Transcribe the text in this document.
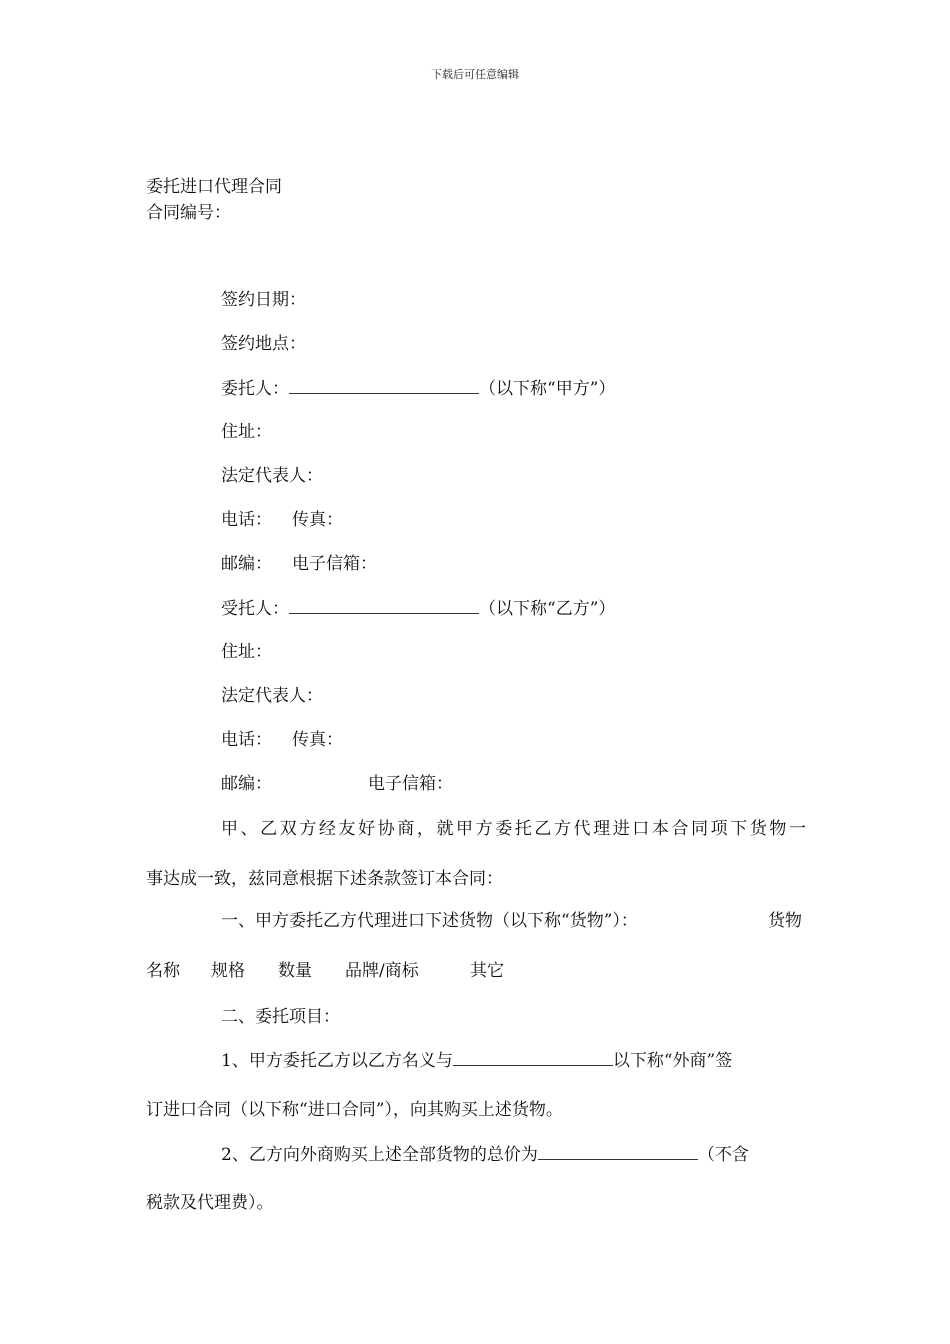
下载后可任意编辑
委托进口代理合同
合同编号：
签约日期：
签约地点：
委托人：	（以下称“甲方”）
住址：
法定代表人：
电话： 传真：
邮编： 电子信箱：
受托人：	（以下称“乙方”）
住址：
法定代表人：
电话： 传真：
邮编：	电子信箱：
甲、乙双方经友好协商，就甲方委托乙方代理进口本合同项下货物一
事达成一致，兹同意根据下述条款签订本合同：
一、甲方委托乙方代理进口下述货物（以下称“货物”）：	货物
名称 规格 数量 品牌/商标	其它
二、委托项目：
1、甲方委托乙方以乙方名义与	以下称“外商”签
订进口合同（以下称“进口合同”），向其购买上述货物。
2、乙方向外商购买上述全部货物的总价为	（不含
税款及代理费）。
